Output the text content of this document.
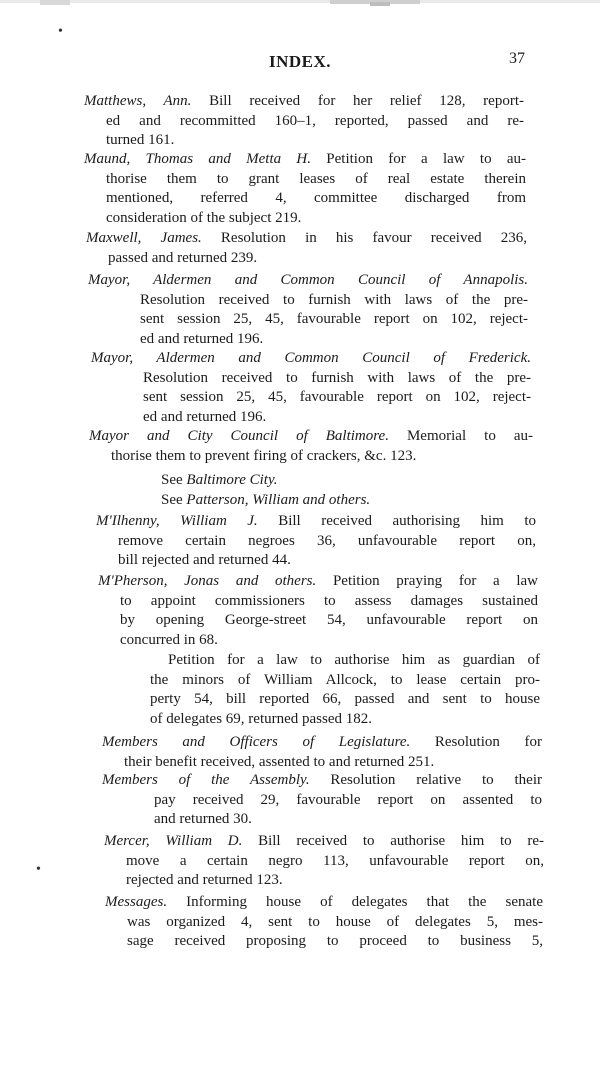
•
INDEX.	37
Matthews, Ann. Bill received for her relief 128, report-
ed and recommitted 160–1, reported, passed and re-
turned 161.
Maund, Thomas and Metta H. Petition for a law to au-
thorise them to grant leases of real estate therein
mentioned, referred 4, committee discharged from
consideration of the subject 219.
Maxwell, James. Resolution in his favour received 236,
passed and returned 239.
Mayor, Aldermen and Common Council of Annapolis.
Resolution received to furnish with laws of the pre-
sent session 25, 45, favourable report on 102, reject-
ed and returned 196.
Mayor, Aldermen and Common Council of Frederick.
Resolution received to furnish with laws of the pre-
sent session 25, 45, favourable report on 102, reject-
ed and returned 196.
Mayor and City Council of Baltimore. Memorial to au-
thorise them to prevent firing of crackers, &c. 123.
See Baltimore City.
See Patterson, William and others.
M'Ilhenny, William J. Bill received authorising him to
remove certain negroes 36, unfavourable report on,
bill rejected and returned 44.
M'Pherson, Jonas and others. Petition praying for a law
to appoint commissioners to assess damages sustained
by opening George-street 54, unfavourable report on
concurred in 68.
Petition for a law to authorise him as guardian of
the minors of William Allcock, to lease certain pro-
perty 54, bill reported 66, passed and sent to house
of delegates 69, returned passed 182.
Members and Officers of Legislature. Resolution for
their benefit received, assented to and returned 251.
Members of the Assembly. Resolution relative to their
pay received 29, favourable report on assented to
and returned 30.
Mercer, William D. Bill received to authorise him to re-
move a certain negro 113, unfavourable report on,
rejected and returned 123.
•
Messages. Informing house of delegates that the senate
was organized 4, sent to house of delegates 5, mes-
sage received proposing to proceed to business 5,
